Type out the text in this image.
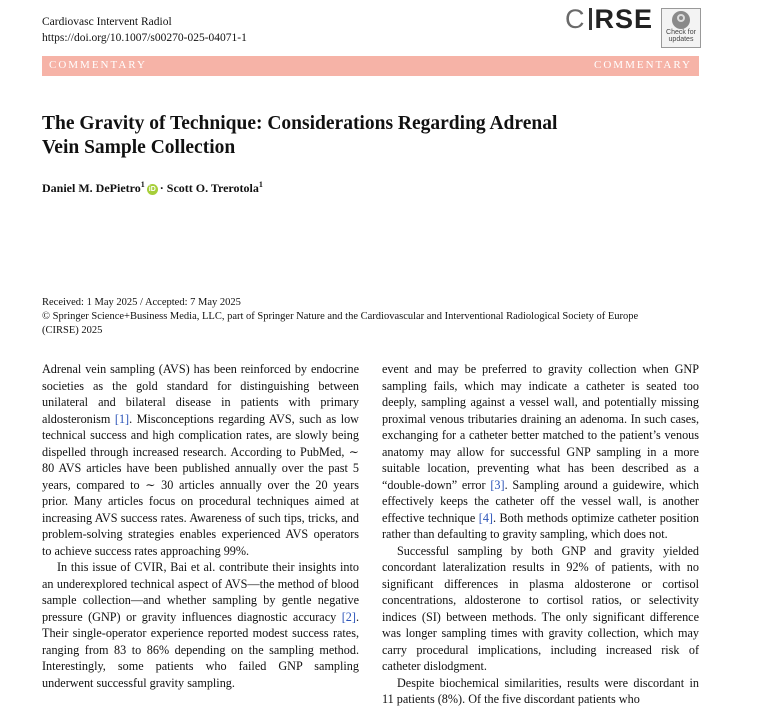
Cardiovasc Intervent Radiol
https://doi.org/10.1007/s00270-025-04071-1
C RSE	Check for
updates
COMMENTARY	COMMENTARY
The Gravity of Technique: Considerations Regarding Adrenal
Vein Sample Collection
Daniel M. DePietro$^1$iD · Scott O. Trerotola$^1$
Received: 1 May 2025 / Accepted: 7 May 2025
© Springer Science+Business Media, LLC, part of Springer Nature and the Cardiovascular and Interventional Radiological Society of Europe
(CIRSE) 2025

Adrenal vein sampling (AVS) has been reinforced by endocrine societies as the gold standard for distinguishing between unilateral and bilateral disease in patients with primary aldosteronism [1]. Misconceptions regarding AVS, such as low technical success and high complication rates, are slowly being dispelled through increased research. According to PubMed, ∼ 80 AVS articles have been published annually over the past 5 years, compared to ∼ 30 articles annually over the 20 years prior. Many articles focus on procedural techniques aimed at increasing AVS success rates. Awareness of such tips, tricks, and problem-solving strategies enables experienced AVS operators to achieve success rates approaching 99%.

In this issue of CVIR, Bai et al. contribute their insights into an underexplored technical aspect of AVS—the method of blood sample collection—and whether sampling by gentle negative pressure (GNP) or gravity influences diagnostic accuracy [2]. Their single-operator experience reported modest success rates, ranging from 83 to 86% depending on the sampling method. Interestingly, some patients who failed GNP sampling underwent successful gravity sampling.

event and may be preferred to gravity collection when GNP sampling fails, which may indicate a catheter is seated too deeply, sampling against a vessel wall, and potentially missing proximal venous tributaries draining an adenoma. In such cases, exchanging for a catheter better matched to the patient’s venous anatomy may allow for successful GNP sampling in a more suitable location, preventing what has been described as a “double-down” error [3]. Sampling around a guidewire, which effectively keeps the catheter off the vessel wall, is another effective technique [4]. Both methods optimize catheter position rather than defaulting to gravity sampling, which does not.

Successful sampling by both GNP and gravity yielded concordant lateralization results in 92% of patients, with no significant differences in plasma aldosterone or cortisol concentrations, aldosterone to cortisol ratios, or selectivity indices (SI) between methods. The only significant difference was longer sampling times with gravity collection, which may carry procedural implications, including increased risk of catheter dislodgment.

Despite biochemical similarities, results were discordant in 11 patients (8%). Of the five discordant patients who
